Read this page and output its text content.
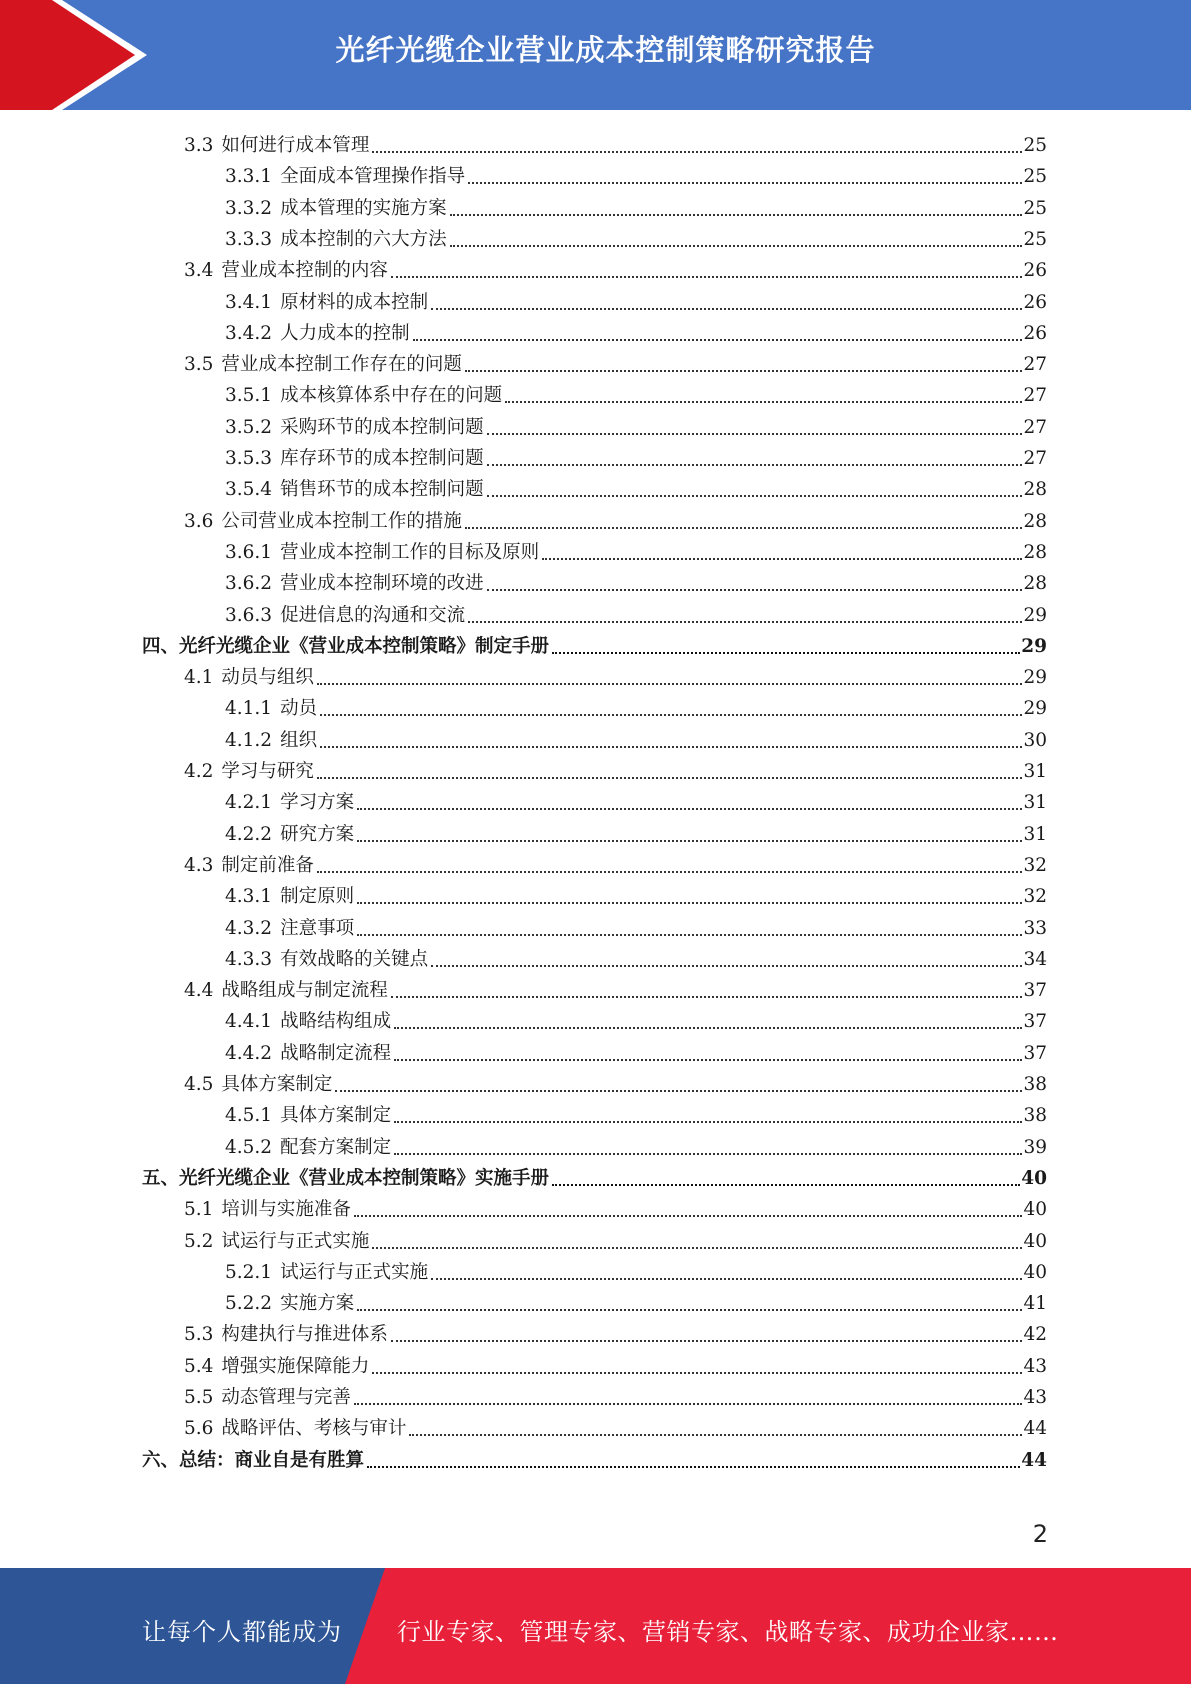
光纤光缆企业营业成本控制策略研究报告
3.3 如何进行成本管理	25
3.3.1 全面成本管理操作指导	25
3.3.2 成本管理的实施方案	25
3.3.3 成本控制的六大方法	25
3.4 营业成本控制的内容	26
3.4.1 原材料的成本控制	26
3.4.2 人力成本的控制	26
3.5 营业成本控制工作存在的问题	27
3.5.1 成本核算体系中存在的问题	27
3.5.2 采购环节的成本控制问题	27
3.5.3 库存环节的成本控制问题	27
3.5.4 销售环节的成本控制问题	28
3.6 公司营业成本控制工作的措施	28
3.6.1 营业成本控制工作的目标及原则	28
3.6.2 营业成本控制环境的改进	28
3.6.3 促进信息的沟通和交流	29
四、光纤光缆企业《营业成本控制策略》制定手册	29
4.1 动员与组织	29
4.1.1 动员	29
4.1.2 组织	30
4.2 学习与研究	31
4.2.1 学习方案	31
4.2.2 研究方案	31
4.3 制定前准备	32
4.3.1 制定原则	32
4.3.2 注意事项	33
4.3.3 有效战略的关键点	34
4.4 战略组成与制定流程	37
4.4.1 战略结构组成	37
4.4.2 战略制定流程	37
4.5 具体方案制定	38
4.5.1 具体方案制定	38
4.5.2 配套方案制定	39
五、光纤光缆企业《营业成本控制策略》实施手册	40
5.1 培训与实施准备	40
5.2 试运行与正式实施	40
5.2.1 试运行与正式实施	40
5.2.2 实施方案	41
5.3 构建执行与推进体系	42
5.4 增强实施保障能力	43
5.5 动态管理与完善	43
5.6 战略评估、考核与审计	44
六、总结：商业自是有胜算	44
2
让每个人都能成为 行业专家、管理专家、营销专家、战略专家、成功企业家……
